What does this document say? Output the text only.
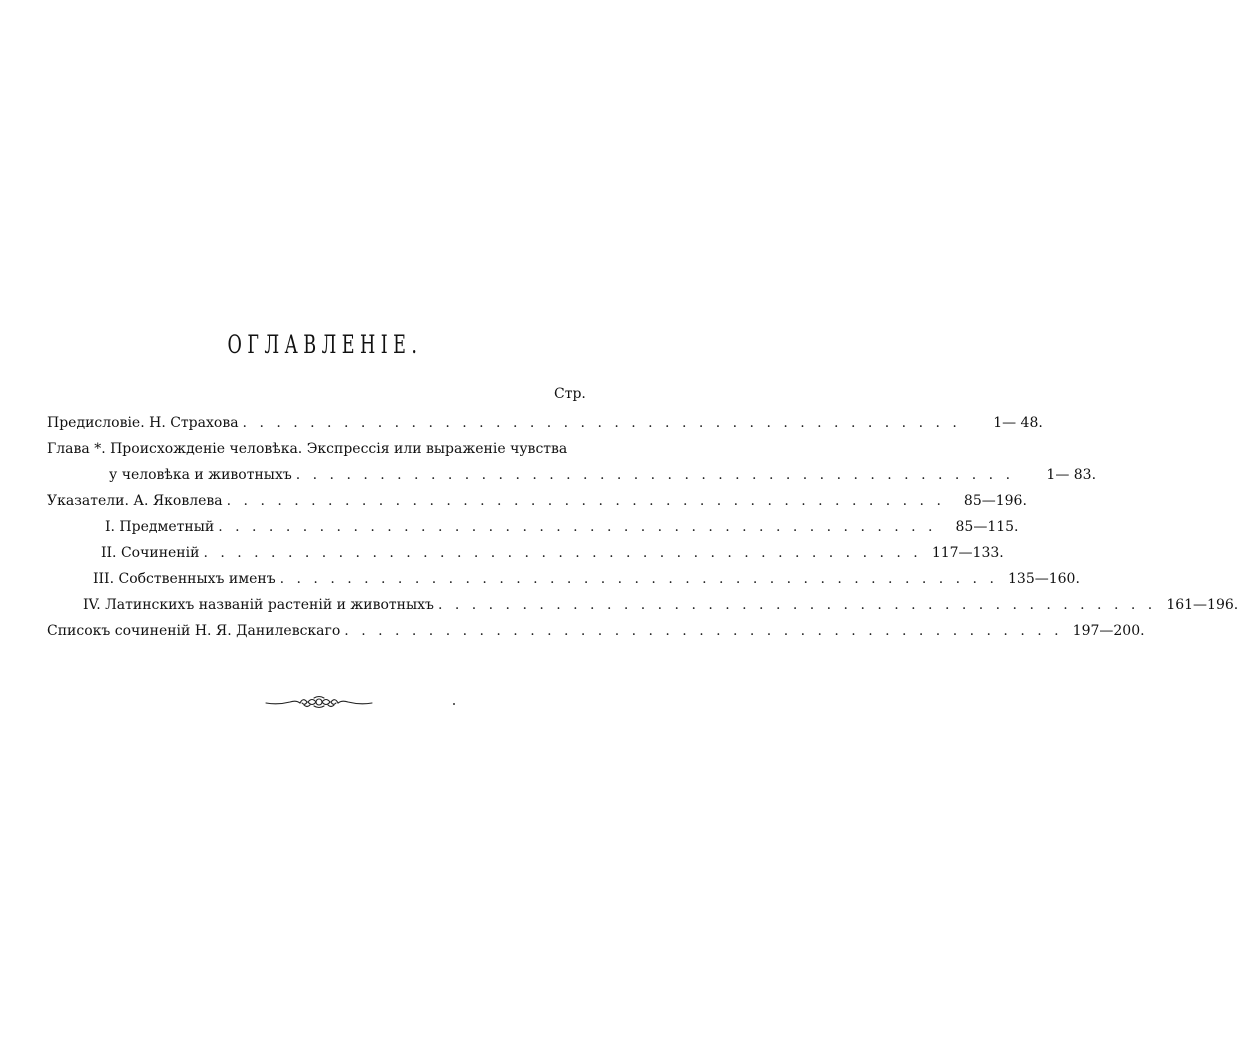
ОГЛАВЛЕНІЕ.
Стр.
Предисловіе. Н. Страхова . . . . . . . . . . . . . . . . . . . . . . . . . . . . . . . . . . . . . . . . . . .	1— 48.
Глава *. Происхожденіе человѣка. Экспрессія или выраженіе чувства
у человѣка и животныхъ . . . . . . . . . . . . . . . . . . . . . . . . . . . . . . . . . . . . . . . . . . .	1— 83.
Указатели. А. Яковлева . . . . . . . . . . . . . . . . . . . . . . . . . . . . . . . . . . . . . . . . . . .	85—196.
I. Предметный . . . . . . . . . . . . . . . . . . . . . . . . . . . . . . . . . . . . . . . . . . .	85—115.
II. Сочиненій . . . . . . . . . . . . . . . . . . . . . . . . . . . . . . . . . . . . . . . . . . . 117—133.
III. Собственныхъ именъ . . . . . . . . . . . . . . . . . . . . . . . . . . . . . . . . . . . . . . . . . . . 135—160.
IV. Латинскихъ названій растеній и животныхъ . . . . . . . . . . . . . . . . . . . . . . . . . . . . . . . . . . . . . . . . . . . 161—196.
Списокъ сочиненій Н. Я. Данилевскаго . . . . . . . . . . . . . . . . . . . . . . . . . . . . . . . . . . . . . . . . . . . 197—200.
